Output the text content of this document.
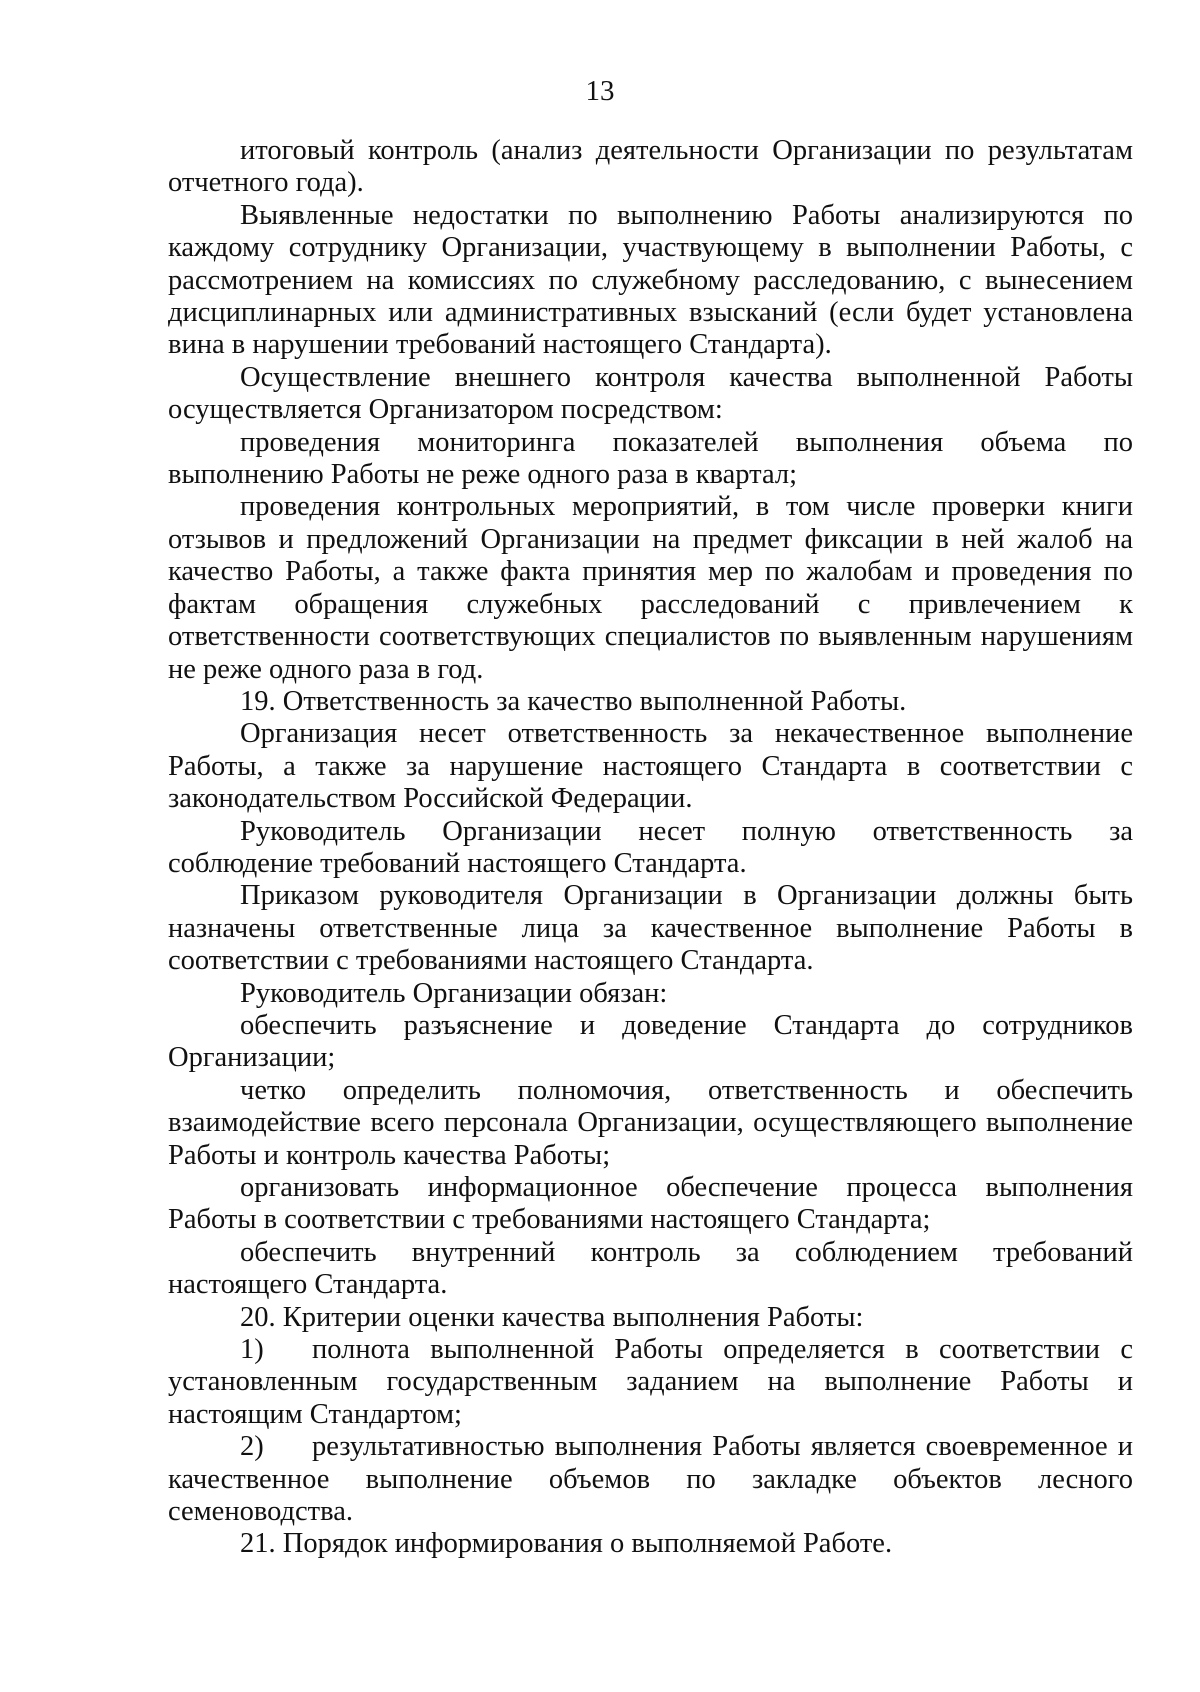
13

итоговый контроль (анализ деятельности Организации по результатам отчетного года).

Выявленные недостатки по выполнению Работы анализируются по каждому сотруднику Организации, участвующему в выполнении Работы, с рассмотрением на комиссиях по служебному расследованию, с вынесением дисциплинарных или административных взысканий (если будет установлена вина в нарушении требований настоящего Стандарта).

Осуществление внешнего контроля качества выполненной Работы осуществляется Организатором посредством:

проведения мониторинга показателей выполнения объема по выполнению Работы не реже одного раза в квартал;

проведения контрольных мероприятий, в том числе проверки книги отзывов и предложений Организации на предмет фиксации в ней жалоб на качество Работы, а также факта принятия мер по жалобам и проведения по фактам обращения служебных расследований с привлечением к ответственности соответствующих специалистов по выявленным нарушениям не реже одного раза в год.

19. Ответственность за качество выполненной Работы.

Организация несет ответственность за некачественное выполнение Работы, а также за нарушение настоящего Стандарта в соответствии с законодательством Российской Федерации.

Руководитель Организации несет полную ответственность за соблюдение требований настоящего Стандарта.

Приказом руководителя Организации в Организации должны быть назначены ответственные лица за качественное выполнение Работы в соответствии с требованиями настоящего Стандарта.

Руководитель Организации обязан:

обеспечить разъяснение и доведение Стандарта до сотрудников Организации;

четко определить полномочия, ответственность и обеспечить взаимодействие всего персонала Организации, осуществляющего выполнение Работы и контроль качества Работы;

организовать информационное обеспечение процесса выполнения Работы в соответствии с требованиями настоящего Стандарта;

обеспечить внутренний контроль за соблюдением требований настоящего Стандарта.

20. Критерии оценки качества выполнения Работы:

1) полнота выполненной Работы определяется в соответствии с установленным государственным заданием на выполнение Работы и настоящим Стандартом;

2) результативностью выполнения Работы является своевременное и качественное выполнение объемов по закладке объектов лесного семеноводства.

21. Порядок информирования о выполняемой Работе.
